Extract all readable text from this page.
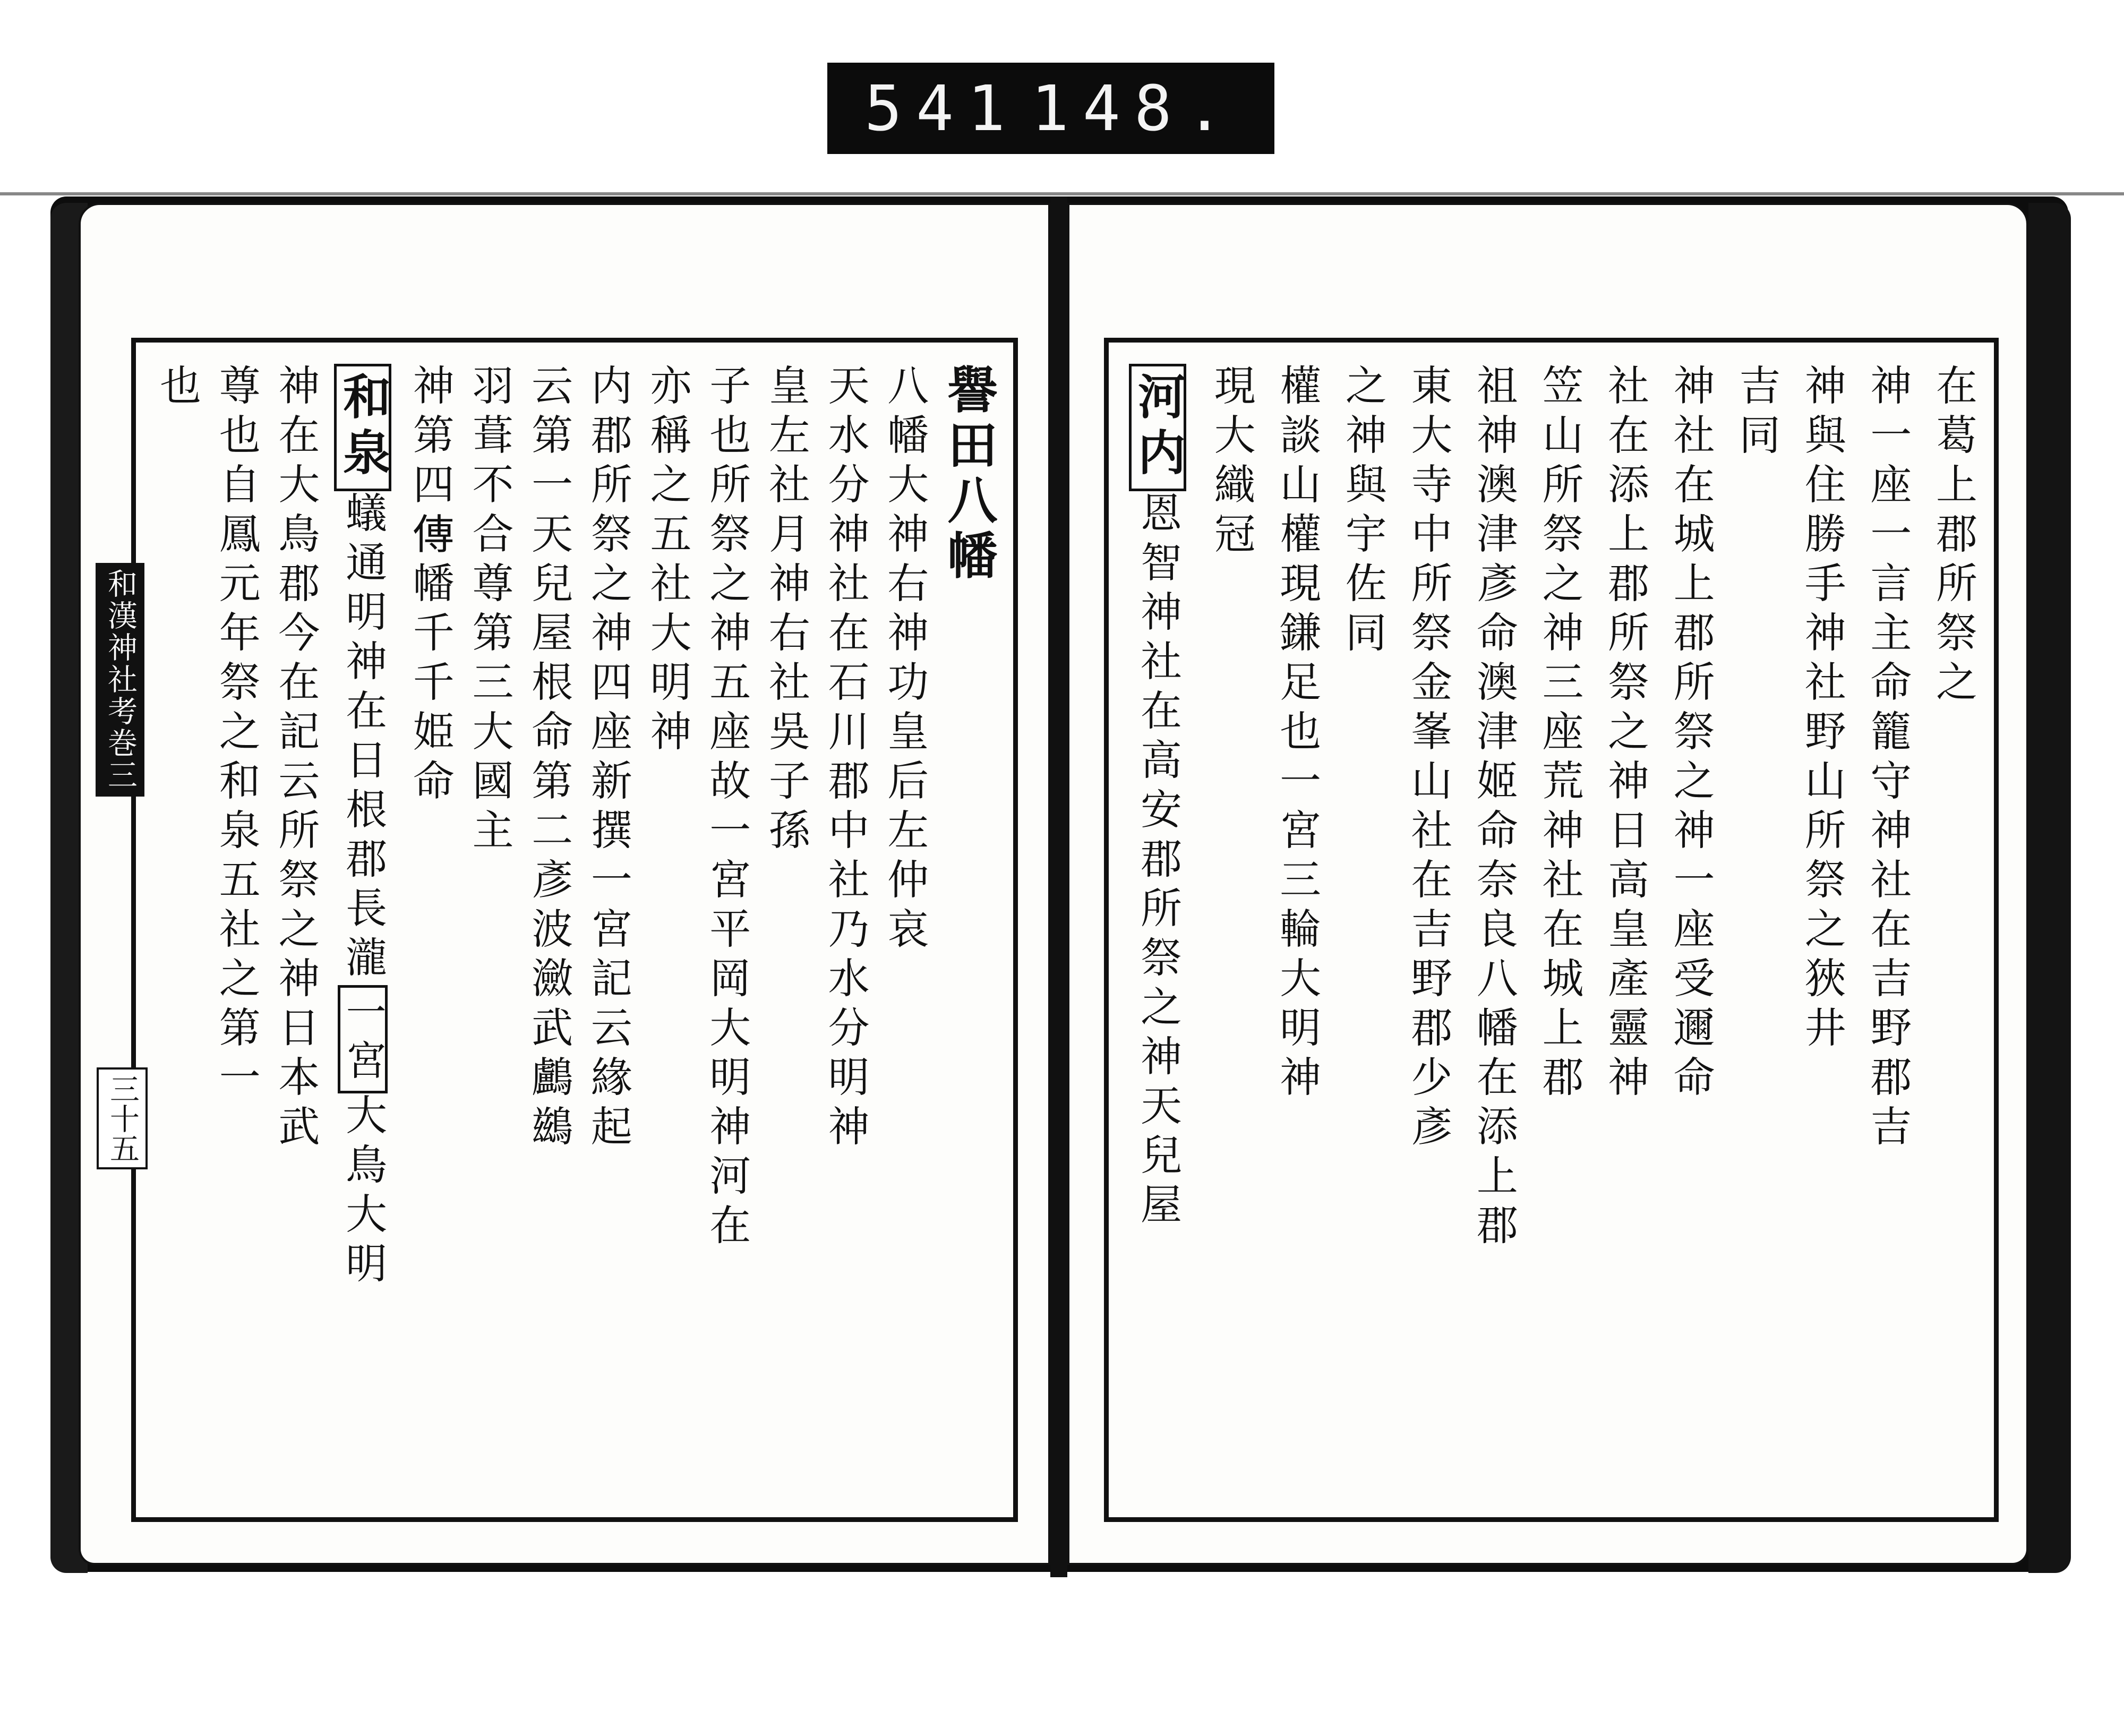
541 148.
譽田八幡
八幡大神右神功皇后左仲哀
天水分神社在石川郡中社乃水分明神
皇左社月神右社吳子孫
子也所祭之神五座故一宮平岡大明神河在
亦稱之五社大明神
内郡所祭之神四座新撰一宮記云緣起
云第一天兒屋根命第二彥波瀲武鸕鷀
羽葺不合尊第三大國主
神第四𫝊幡千千姫命
和泉蟻通明神在日根郡長瀧一宮大鳥大明
神在大鳥郡今在記云所祭之神日本武
尊也自鳳元年祭之和泉五社之第一
也	在葛上郡所祭之
神一座一言主命籠守神社在吉野郡吉
神與住勝手神社野山所祭之狹井
吉同
神社在城上郡所祭之神一座受邇命
社在添上郡所祭之神日高皇產靈神
笠山所祭之神三座荒神社在城上郡
祖神澳津彥命澳津姬命奈良八幡在添上郡
東大寺中所祭金峯山社在吉野郡少彥
之神與宇佐同
權談山權現鎌足也一宮三輪大明神
現大織冠
河内恩智神社在高安郡所祭之神天兒屋
和漢神社考巻三
三十五
